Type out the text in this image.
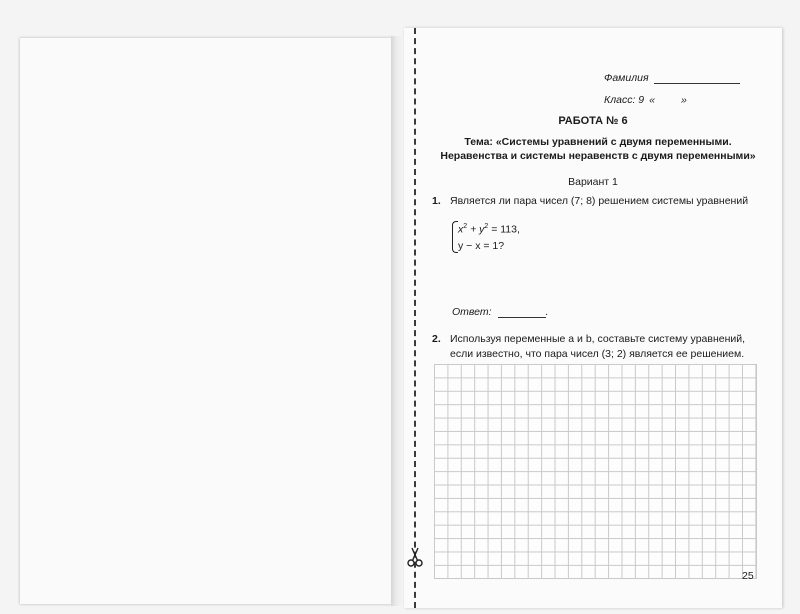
Фамилия
Класс: 9 « »
РАБОТА № 6
Тема: «Системы уравнений с двумя переменными.
Неравенства и системы неравенств с двумя переменными»
Вариант 1
1. Является ли пара чисел (7; 8) решением системы уравнений
$x^2 + y^2 = 113$,
y − x = 1?
Ответ:	.
2. Используя переменные a и b, составьте систему уравнений,
если известно, что пара чисел (3; 2) является ее решением.
25
